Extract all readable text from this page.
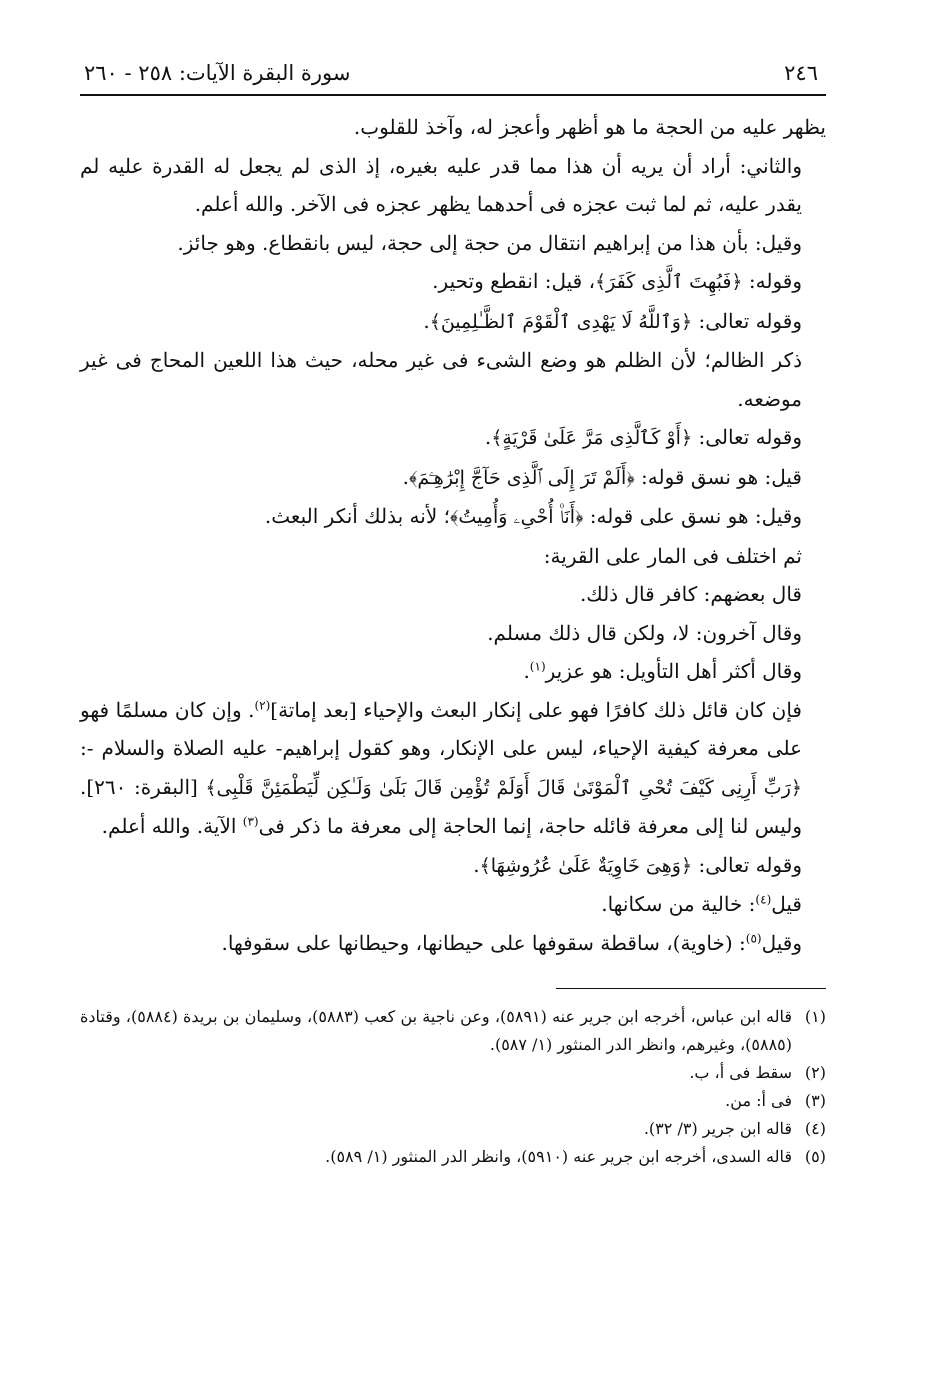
٢٤٦
سورة البقرة الآيات: ٢٥٨ - ٢٦٠

يظهر عليه من الحجة ما هو أظهر وأعجز له، وآخذ للقلوب.

والثاني: أراد أن يريه أن هذا مما قدر عليه بغيره، إذ الذى لم يجعل له القدرة عليه لم يقدر عليه، ثم لما ثبت عجزه فى أحدهما يظهر عجزه فى الآخر. والله أعلم.

وقيل: بأن هذا من إبراهيم انتقال من حجة إلى حجة، ليس بانقطاع. وهو جائز.

وقوله: ﴿فَبُهِتَ ٱلَّذِى كَفَرَ﴾، قيل: انقطع وتحير.

وقوله تعالى: ﴿وَٱللَّهُ لَا يَهْدِى ٱلْقَوْمَ ٱلظَّـٰلِمِينَ﴾.

ذكر الظالم؛ لأن الظلم هو وضع الشىء فى غير محله، حيث هذا اللعين المحاج فى غير موضعه.

وقوله تعالى: ﴿أَوْ كَٱلَّذِى مَرَّ عَلَىٰ قَرْيَةٍ﴾.

قيل: هو نسق قوله: ﴿أَلَمْ تَرَ إِلَى ٱلَّذِى حَآجَّ إِبْرَٰهِـۧمَ﴾.

وقيل: هو نسق على قوله: ﴿أَنَا۠ أُحْىِۦ وَأُمِيتُ﴾؛ لأنه بذلك أنكر البعث.

ثم اختلف فى المار على القرية:

قال بعضهم: كافر قال ذلك.

وقال آخرون: لا، ولكن قال ذلك مسلم.

وقال أكثر أهل التأويل: هو عزير$^{(١)}$.

فإن كان قائل ذلك كافرًا فهو على إنكار البعث والإحياء [بعد إماتة]$^{(٢)}$. وإن كان مسلمًا فهو على معرفة كيفية الإحياء، ليس على الإنكار، وهو كقول إبراهيم- عليه الصلاة والسلام -: ﴿رَبِّ أَرِنِى كَيْفَ تُحْىِ ٱلْمَوْتَىٰ قَالَ أَوَلَمْ تُؤْمِن قَالَ بَلَىٰ وَلَـٰكِن لِّيَطْمَئِنَّ قَلْبِى﴾ [البقرة: ٢٦٠]. وليس لنا إلى معرفة قائله حاجة، إنما الحاجة إلى معرفة ما ذكر فى$^{(٣)}$ الآية. والله أعلم.

وقوله تعالى: ﴿وَهِىَ خَاوِيَةٌ عَلَىٰ عُرُوشِهَا﴾.

قيل$^{(٤)}$: خالية من سكانها.

وقيل$^{(٥)}$: (خاوية)، ساقطة سقوفها على حيطانها، وحيطانها على سقوفها.

(١)
قاله ابن عباس، أخرجه ابن جرير عنه (٥٨٩١)، وعن ناجية بن كعب (٥٨٨٣)، وسليمان بن بريدة (٥٨٨٤)، وقتادة (٥٨٨٥)، وغيرهم، وانظر الدر المنثور (١/ ٥٨٧).
(٢)
سقط فى أ، ب.
(٣)
فى أ: من.
(٤)
قاله ابن جرير (٣/ ٣٢).
(٥)
قاله السدى، أخرجه ابن جرير عنه (٥٩١٠)، وانظر الدر المنثور (١/ ٥٨٩).
